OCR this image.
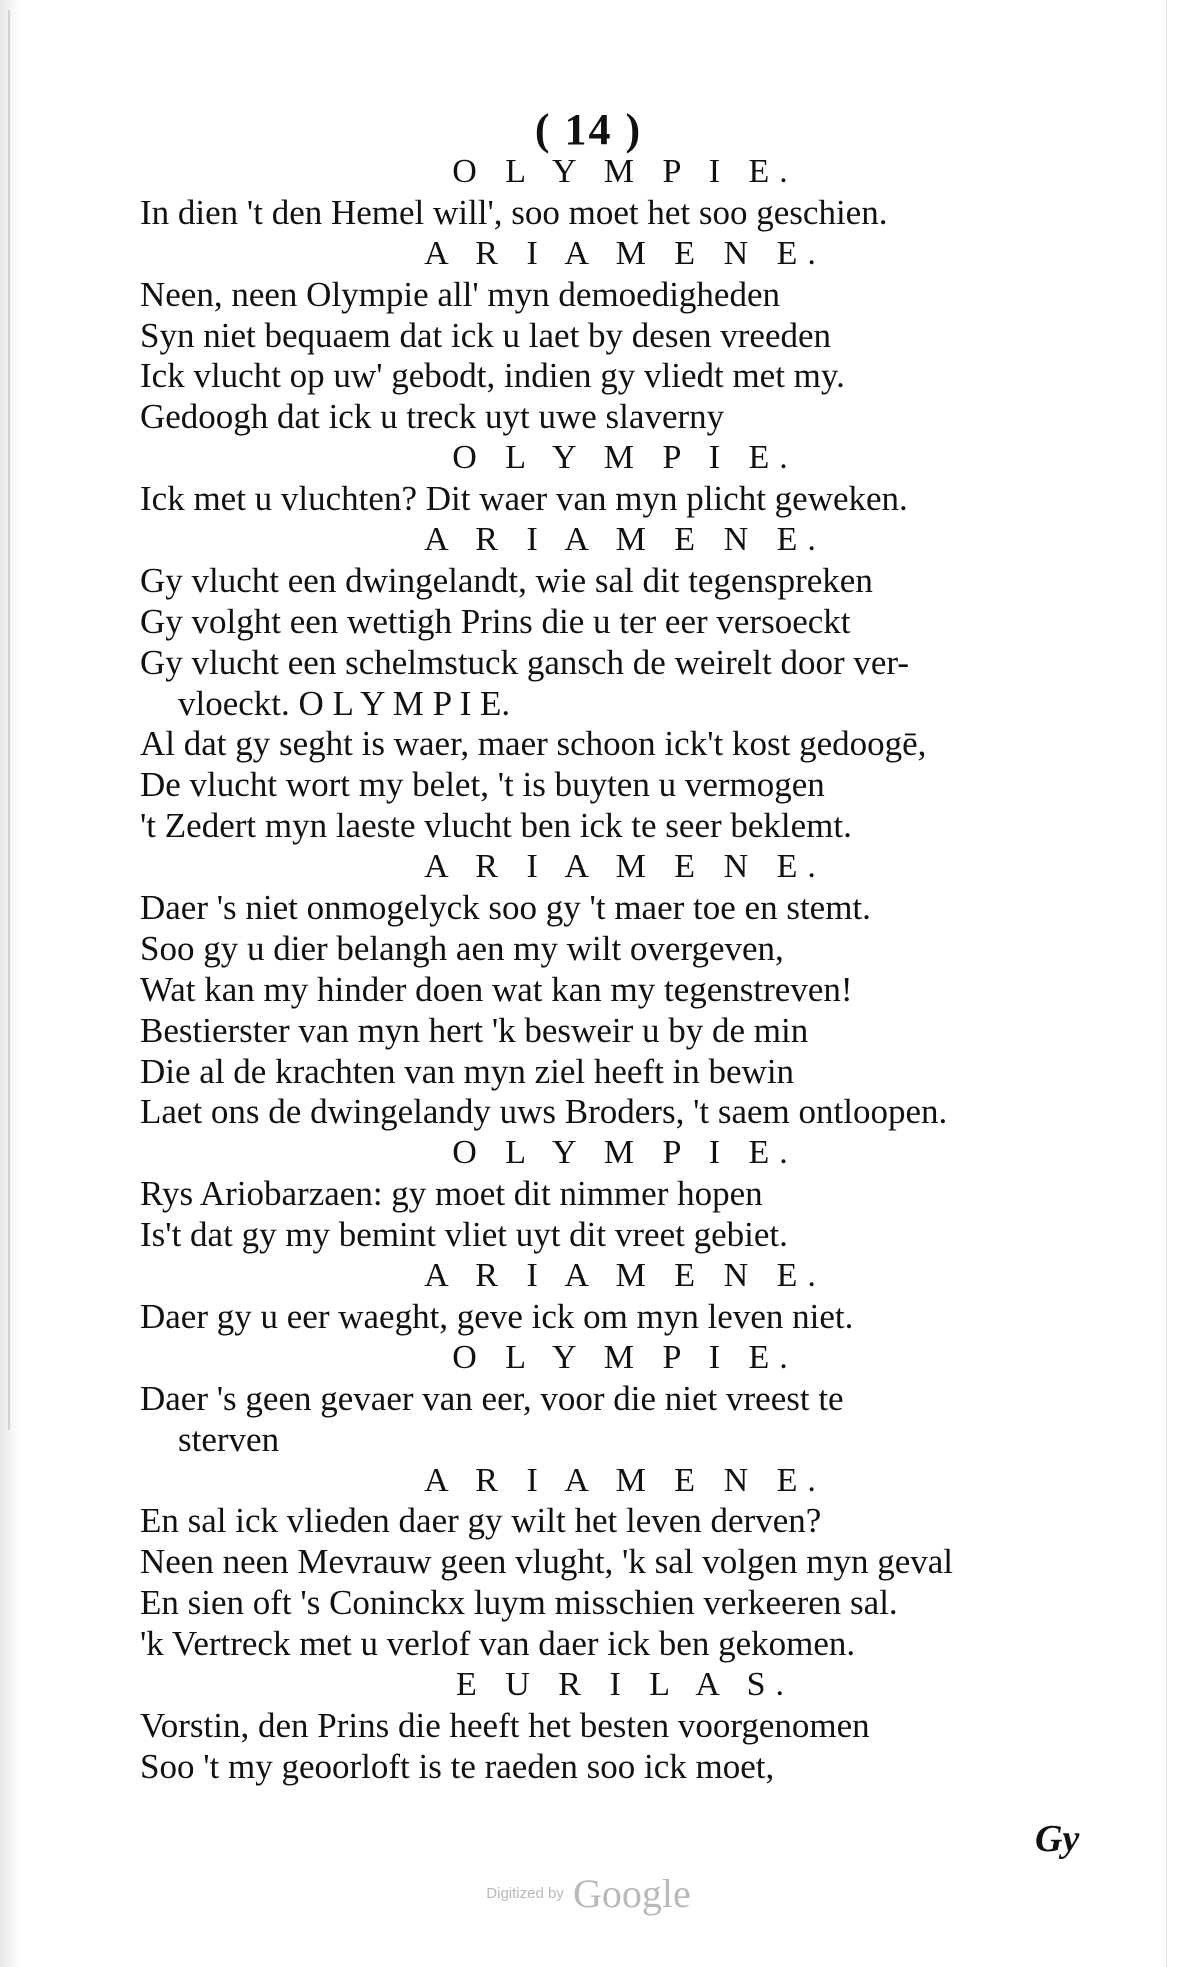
( 14 )
O L Y M P I E.
In dien 't den Hemel will', soo moet het soo geschien.
A R I A M E N E.
Neen, neen Olympie all' myn demoedigheden
Syn niet bequaem dat ick u laet by desen vreeden
Ick vlucht op uw' gebodt, indien gy vliedt met my.
Gedoogh dat ick u treck uyt uwe slaverny
O L Y M P I E.
Ick met u vluchten? Dit waer van myn plicht geweken.
A R I A M E N E.
Gy vlucht een dwingelandt, wie sal dit tegenspreken
Gy volght een wettigh Prins die u ter eer versoeckt
Gy vlucht een schelmstuck gansch de weirelt door ver-
vloeckt. O L Y M P I E.
Al dat gy seght is waer, maer schoon ick't kost gedoogē,
De vlucht wort my belet, 't is buyten u vermogen
't Zedert myn laeste vlucht ben ick te seer beklemt.
A R I A M E N E.
Daer 's niet onmogelyck soo gy 't maer toe en stemt.
Soo gy u dier belangh aen my wilt overgeven,
Wat kan my hinder doen wat kan my tegenstreven!
Bestierster van myn hert 'k besweir u by de min
Die al de krachten van myn ziel heeft in bewin
Laet ons de dwingelandy uws Broders, 't saem ontloopen.
O L Y M P I E.
Rys Ariobarzaen: gy moet dit nimmer hopen
Is't dat gy my bemint vliet uyt dit vreet gebiet.
A R I A M E N E.
Daer gy u eer waeght, geve ick om myn leven niet.
O L Y M P I E.
Daer 's geen gevaer van eer, voor die niet vreest te
sterven
A R I A M E N E.
En sal ick vlieden daer gy wilt het leven derven?
Neen neen Mevrauw geen vlught, 'k sal volgen myn geval
En sien oft 's Coninckx luym misschien verkeeren sal.
'k Vertreck met u verlof van daer ick ben gekomen.
E U R I L A S.
Vorstin, den Prins die heeft het besten voorgenomen
Soo 't my geoorloft is te raeden soo ick moet,
Gy
Digitized by Google
